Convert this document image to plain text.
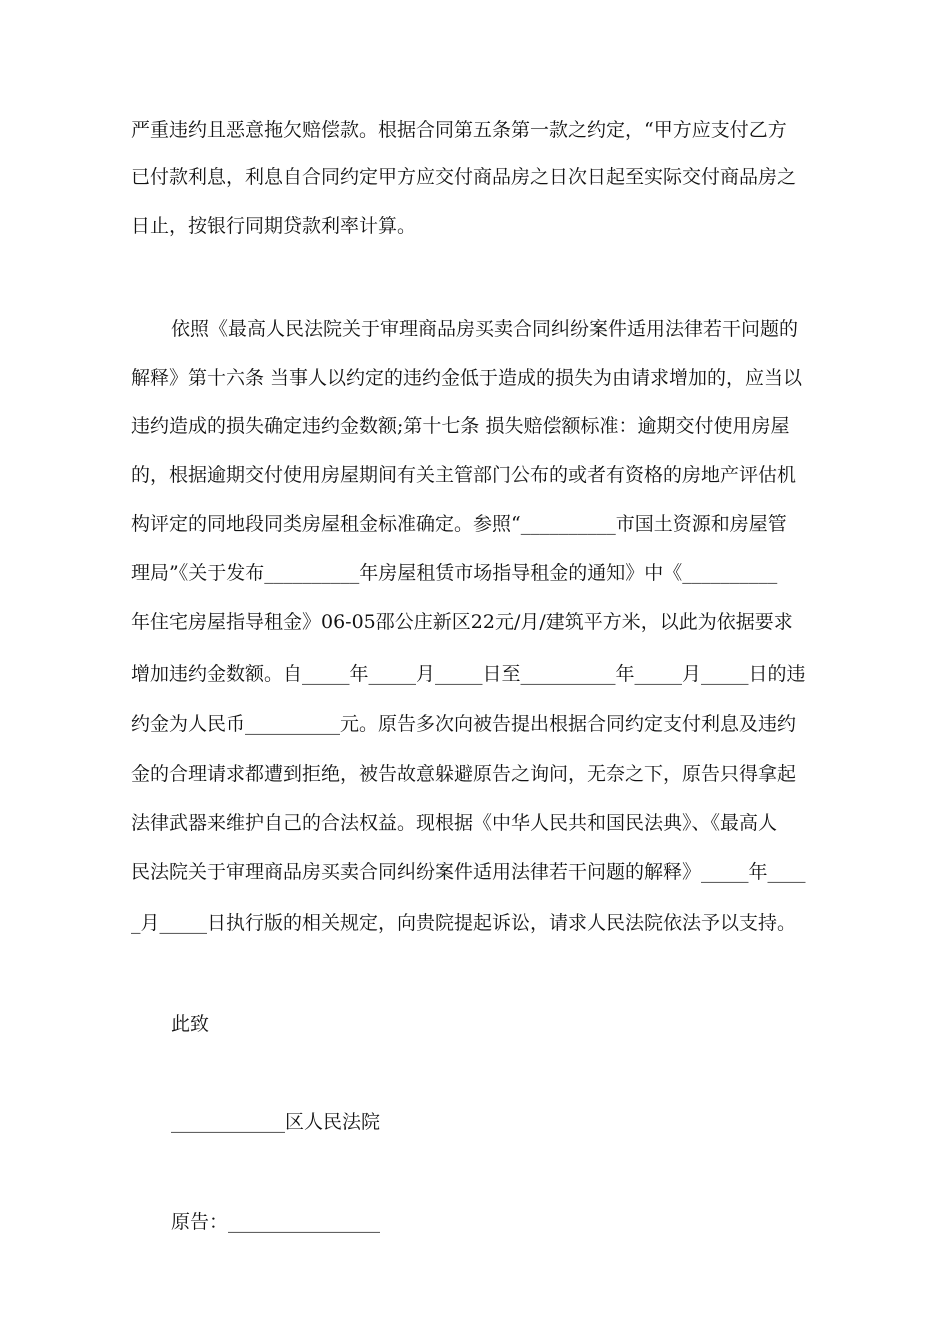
严重违约且恶意拖欠赔偿款。根据合同第五条第一款之约定，“甲方应支付乙方
已付款利息，利息自合同约定甲方应交付商品房之日次日起至实际交付商品房之
日止，按银行同期贷款利率计算。
依照《最高人民法院关于审理商品房买卖合同纠纷案件适用法律若干问题的
解释》第十六条 当事人以约定的违约金低于造成的损失为由请求增加的，应当以
违约造成的损失确定违约金数额;第十七条 损失赔偿额标准：逾期交付使用房屋
的，根据逾期交付使用房屋期间有关主管部门公布的或者有资格的房地产评估机
构评定的同地段同类房屋租金标准确定。参照“__________市国土资源和房屋管
理局”《关于发布__________年房屋租赁市场指导租金的通知》中《__________
年住宅房屋指导租金》06-05邵公庄新区22元/月/建筑平方米，以此为依据要求
增加违约金数额。自_____年_____月_____日至__________年_____月_____日的违
约金为人民币__________元。原告多次向被告提出根据合同约定支付利息及违约
金的合理请求都遭到拒绝，被告故意躲避原告之询问，无奈之下，原告只得拿起
法律武器来维护自己的合法权益。现根据《中华人民共和国民法典》、《最高人
民法院关于审理商品房买卖合同纠纷案件适用法律若干问题的解释》_____年____
_月_____日执行版的相关规定，向贵院提起诉讼，请求人民法院依法予以支持。
此致
____________区人民法院
原告：________________
